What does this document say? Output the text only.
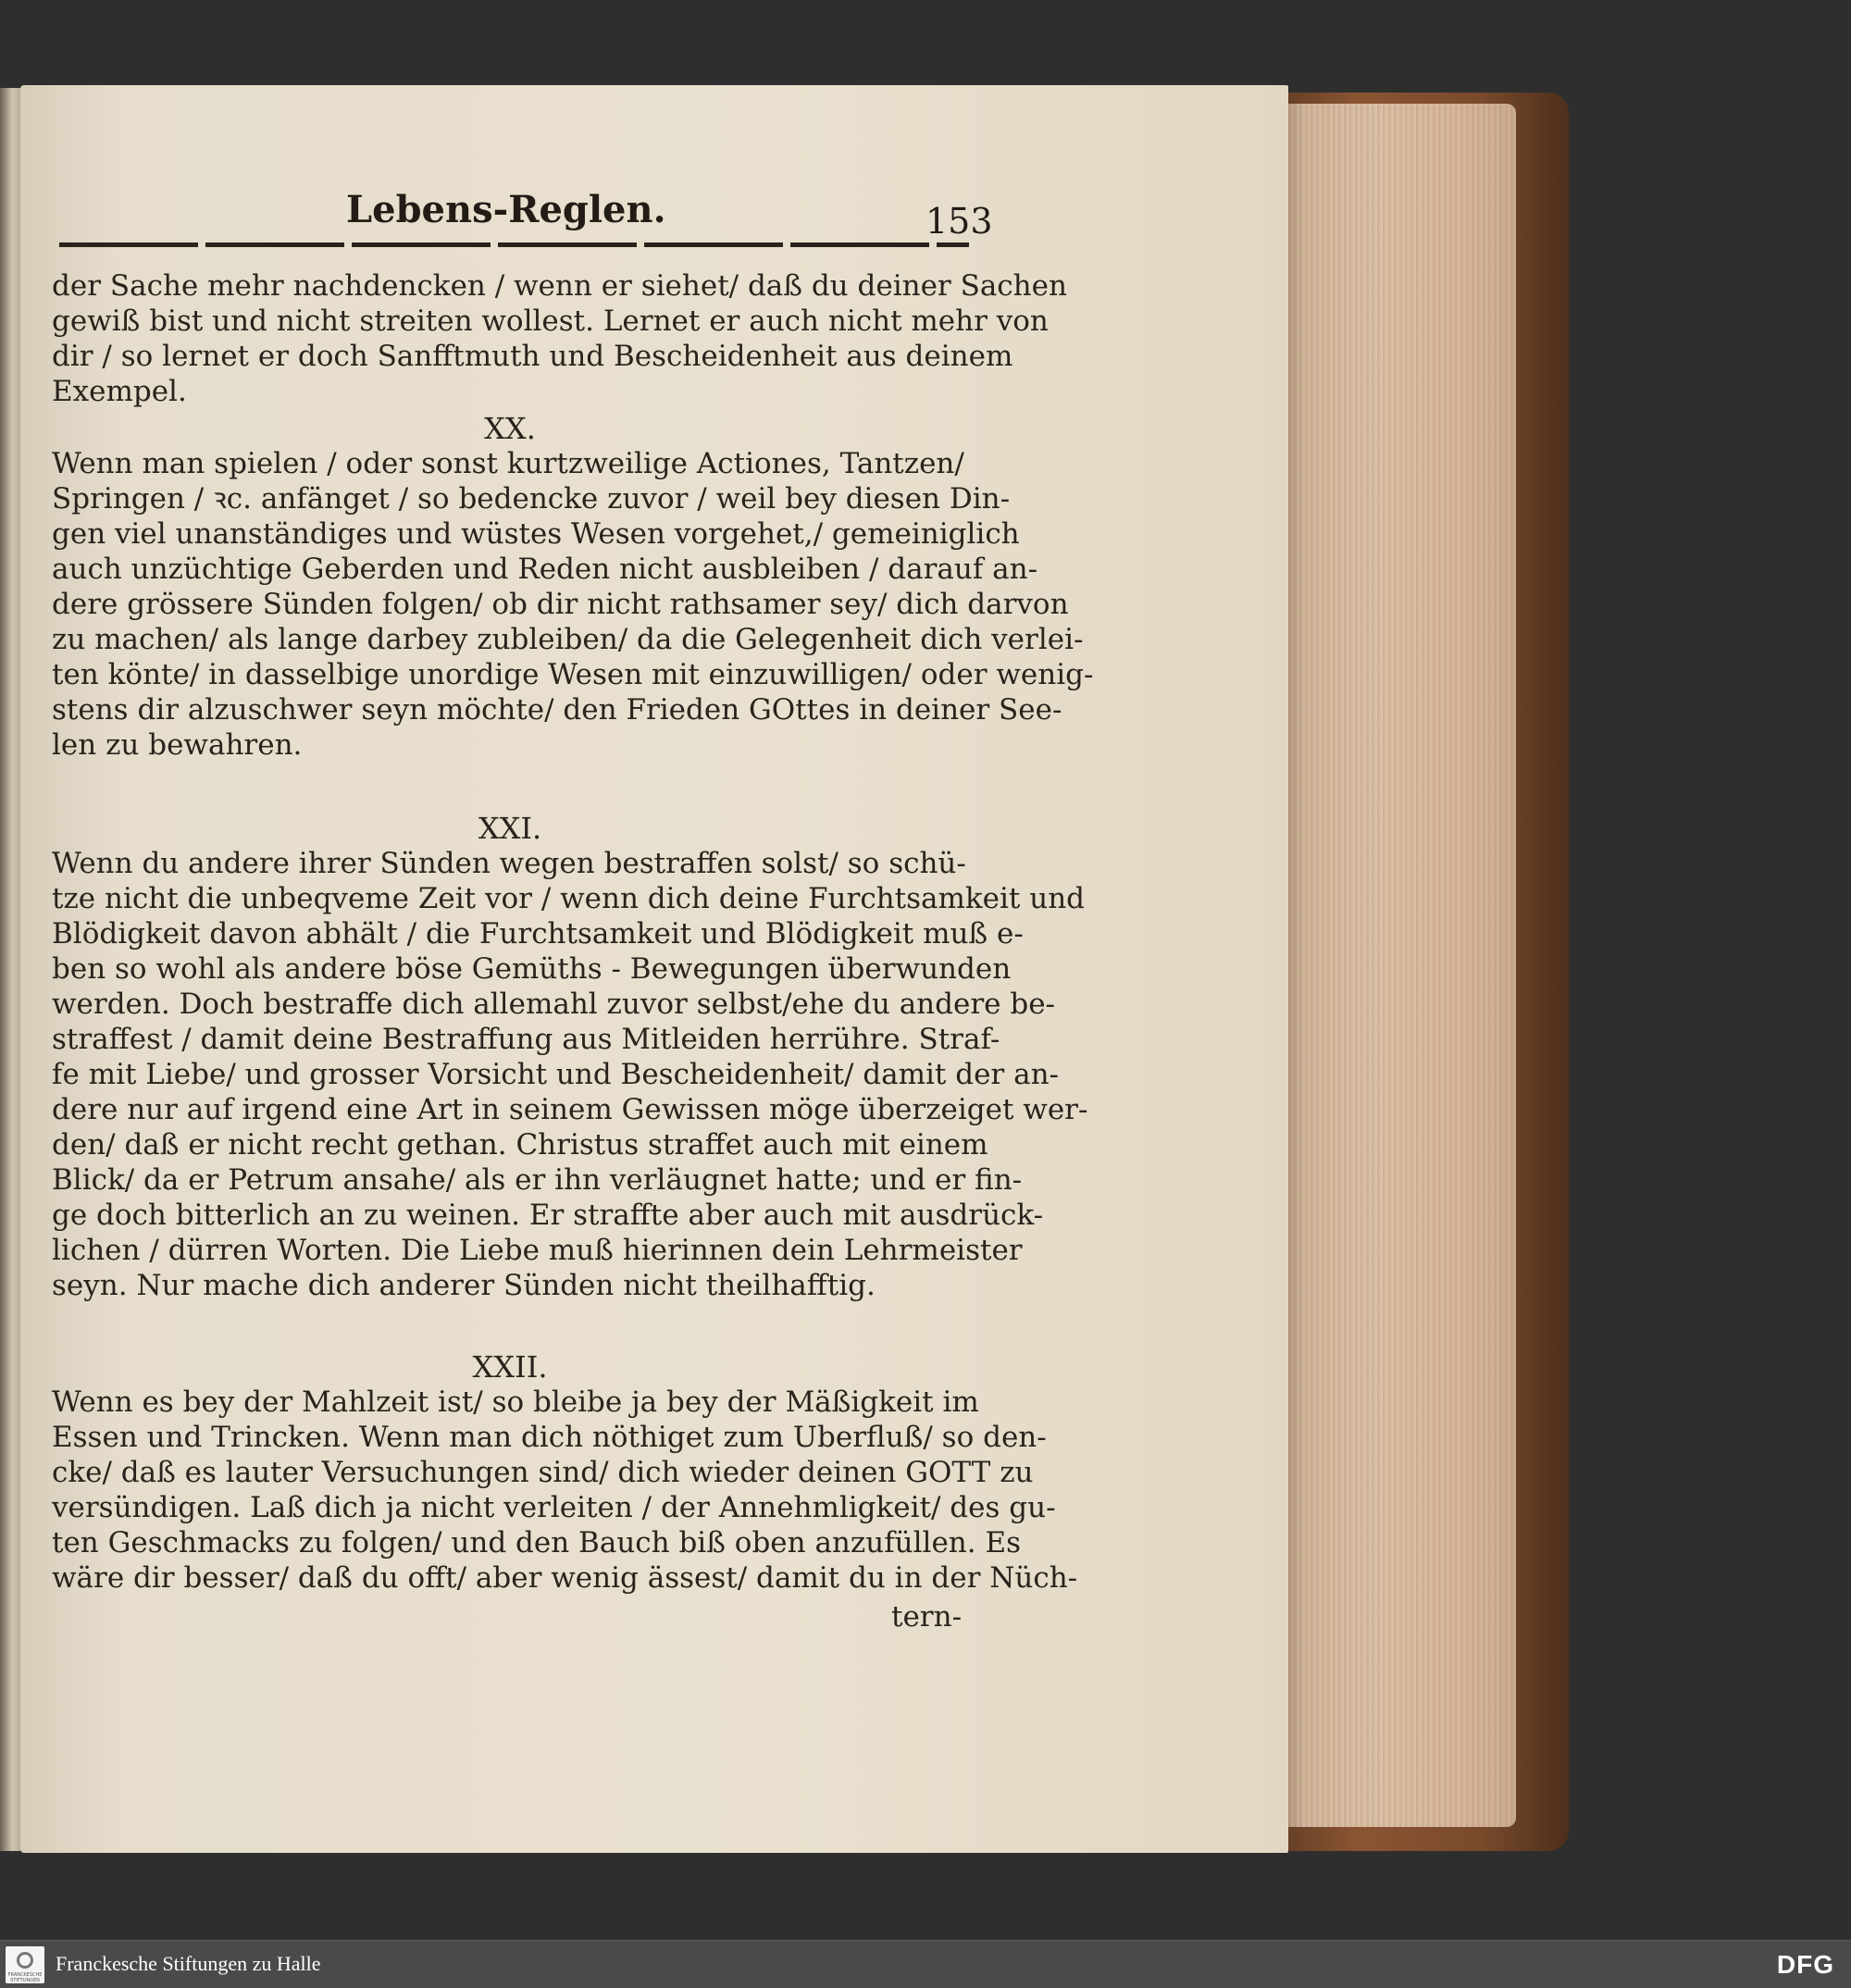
Lebens-Reglen.	153
der Sache mehr nachdencken / wenn er siehet/ daß du deiner Sachen
gewiß bist und nicht streiten wollest. Lernet er auch nicht mehr von
dir / so lernet er doch Sanfftmuth und Bescheidenheit aus deinem
Exempel.
XX.
Wenn man spielen / oder sonst kurtzweilige Actiones, Tantzen/
Springen / ꝛc. anfänget / so bedencke zuvor / weil bey diesen Din-
gen viel unanständiges und wüstes Wesen vorgehet,/ gemeiniglich
auch unzüchtige Geberden und Reden nicht ausbleiben / darauf an-
dere grössere Sünden folgen/ ob dir nicht rathsamer sey/ dich darvon
zu machen/ als lange darbey zubleiben/ da die Gelegenheit dich verlei-
ten könte/ in dasselbige unordige Wesen mit einzuwilligen/ oder wenig-
stens dir alzuschwer seyn möchte/ den Frieden GOttes in deiner See-
len zu bewahren.
XXI.
Wenn du andere ihrer Sünden wegen bestraffen solst/ so schü-
tze nicht die unbeqveme Zeit vor / wenn dich deine Furchtsamkeit und
Blödigkeit davon abhält / die Furchtsamkeit und Blödigkeit muß e-
ben so wohl als andere böse Gemüths - Bewegungen überwunden
werden. Doch bestraffe dich allemahl zuvor selbst/ehe du andere be-
straffest / damit deine Bestraffung aus Mitleiden herrühre. Straf-
fe mit Liebe/ und grosser Vorsicht und Bescheidenheit/ damit der an-
dere nur auf irgend eine Art in seinem Gewissen möge überzeiget wer-
den/ daß er nicht recht gethan. Christus straffet auch mit einem
Blick/ da er Petrum ansahe/ als er ihn verläugnet hatte; und er fin-
ge doch bitterlich an zu weinen. Er straffte aber auch mit ausdrück-
lichen / dürren Worten. Die Liebe muß hierinnen dein Lehrmeister
seyn. Nur mache dich anderer Sünden nicht theilhafftig.
XXII.
Wenn es bey der Mahlzeit ist/ so bleibe ja bey der Mäßigkeit im
Essen und Trincken. Wenn man dich nöthiget zum Uberfluß/ so den-
cke/ daß es lauter Versuchungen sind/ dich wieder deinen GOTT zu
versündigen. Laß dich ja nicht verleiten / der Annehmligkeit/ des gu-
ten Geschmacks zu folgen/ und den Bauch biß oben anzufüllen. Es
wäre dir besser/ daß du offt/ aber wenig ässest/ damit du in der Nüch-
tern-
FRANCKESCHE STIFTUNGEN
Franckesche Stiftungen zu Halle	DFG
